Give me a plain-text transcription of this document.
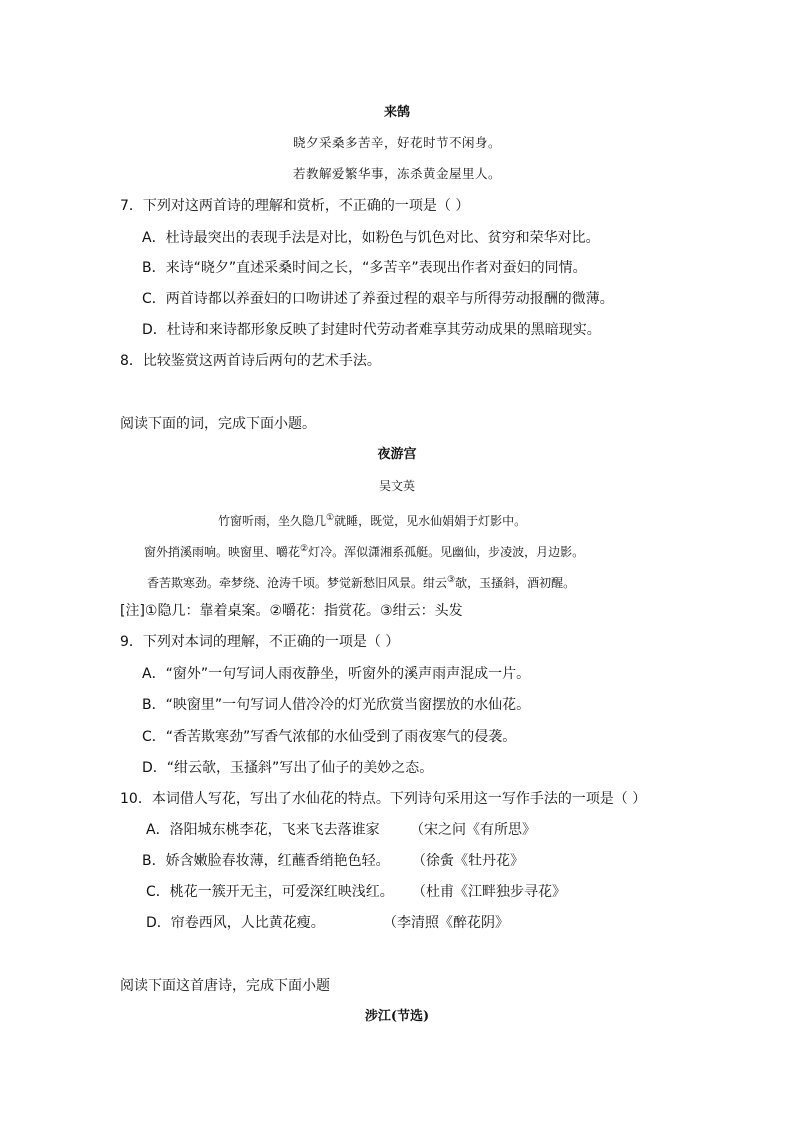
来鹄
晓夕采桑多苦辛，好花时节不闲身。
若教解爱繁华事，冻杀黄金屋里人。
7．下列对这两首诗的理解和赏析，不正确的一项是（ ）
A．杜诗最突出的表现手法是对比，如粉色与饥色对比、贫穷和荣华对比。
B．来诗“晓夕”直述采桑时间之长，“多苦辛”表现出作者对蚕妇的同情。
C．两首诗都以养蚕妇的口吻讲述了养蚕过程的艰辛与所得劳动报酬的微薄。
D．杜诗和来诗都形象反映了封建时代劳动者难享其劳动成果的黑暗现实。
8．比较鉴赏这两首诗后两句的艺术手法。
阅读下面的词，完成下面小题。
夜游宫
吴文英
竹窗听雨，坐久隐几①就睡，既觉，见水仙娟娟于灯影中。
窗外捎溪雨响。映窗里、嚼花②灯冷。浑似潇湘系孤艇。见幽仙，步凌波，月边影。
香苦欺寒劲。牵梦绕、沧涛千顷。梦觉新愁旧风景。绀云③欹，玉搔斜，酒初醒。
[注]①隐几：靠着桌案。②嚼花：指赏花。③绀云：头发
9．下列对本词的理解，不正确的一项是（ ）
A．“窗外”一句写词人雨夜静坐，听窗外的溪声雨声混成一片。
B．“映窗里”一句写词人借冷冷的灯光欣赏当窗摆放的水仙花。
C．“香苦欺寒劲”写香气浓郁的水仙受到了雨夜寒气的侵袭。
D．“绀云欹，玉搔斜”写出了仙子的美妙之态。
10．本词借人写花，写出了水仙花的特点。下列诗句采用这一写作手法的一项是（ ）
A．洛阳城东桃李花，飞来飞去落谁家 （宋之问《有所思》
B．娇含嫩脸春妆薄，红蘸香绡艳色轻。 （徐夤《牡丹花》
C．桃花一簇开无主，可爱深红映浅红。 （杜甫《江畔独步寻花》
D．帘卷西风，人比黄花瘦。	（李清照《醉花阴》
阅读下面这首唐诗，完成下面小题
涉江(节选)
